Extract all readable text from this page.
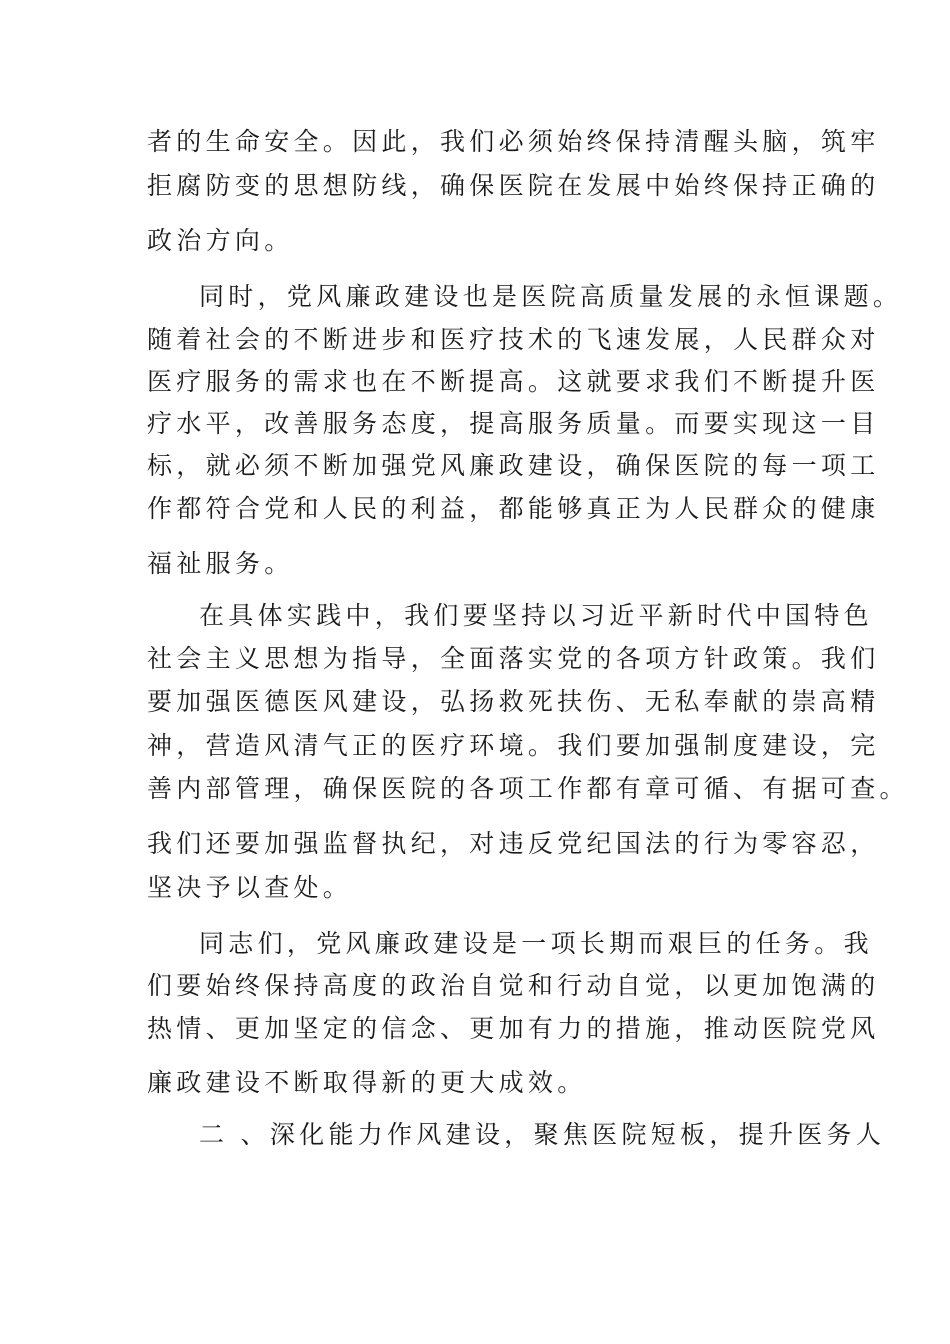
者的生命安全。因此，我们必须始终保持清醒头脑，筑牢
拒腐防变的思想防线，确保医院在发展中始终保持正确的
政治方向。
同时，党风廉政建设也是医院高质量发展的永恒课题。
随着社会的不断进步和医疗技术的飞速发展，人民群众对
医疗服务的需求也在不断提高。这就要求我们不断提升医
疗水平，改善服务态度，提高服务质量。而要实现这一目
标，就必须不断加强党风廉政建设，确保医院的每一项工
作都符合党和人民的利益，都能够真正为人民群众的健康
福祉服务。
在具体实践中，我们要坚持以习近平新时代中国特色
社会主义思想为指导，全面落实党的各项方针政策。我们
要加强医德医风建设，弘扬救死扶伤、无私奉献的崇高精
神，营造风清气正的医疗环境。我们要加强制度建设，完
善内部管理，确保医院的各项工作都有章可循、有据可查。
我们还要加强监督执纪，对违反党纪国法的行为零容忍，
坚决予以查处。
同志们，党风廉政建设是一项长期而艰巨的任务。我
们要始终保持高度的政治自觉和行动自觉，以更加饱满的
热情、更加坚定的信念、更加有力的措施，推动医院党风
廉政建设不断取得新的更大成效。
二 、深化能力作风建设，聚焦医院短板，提升医务人
